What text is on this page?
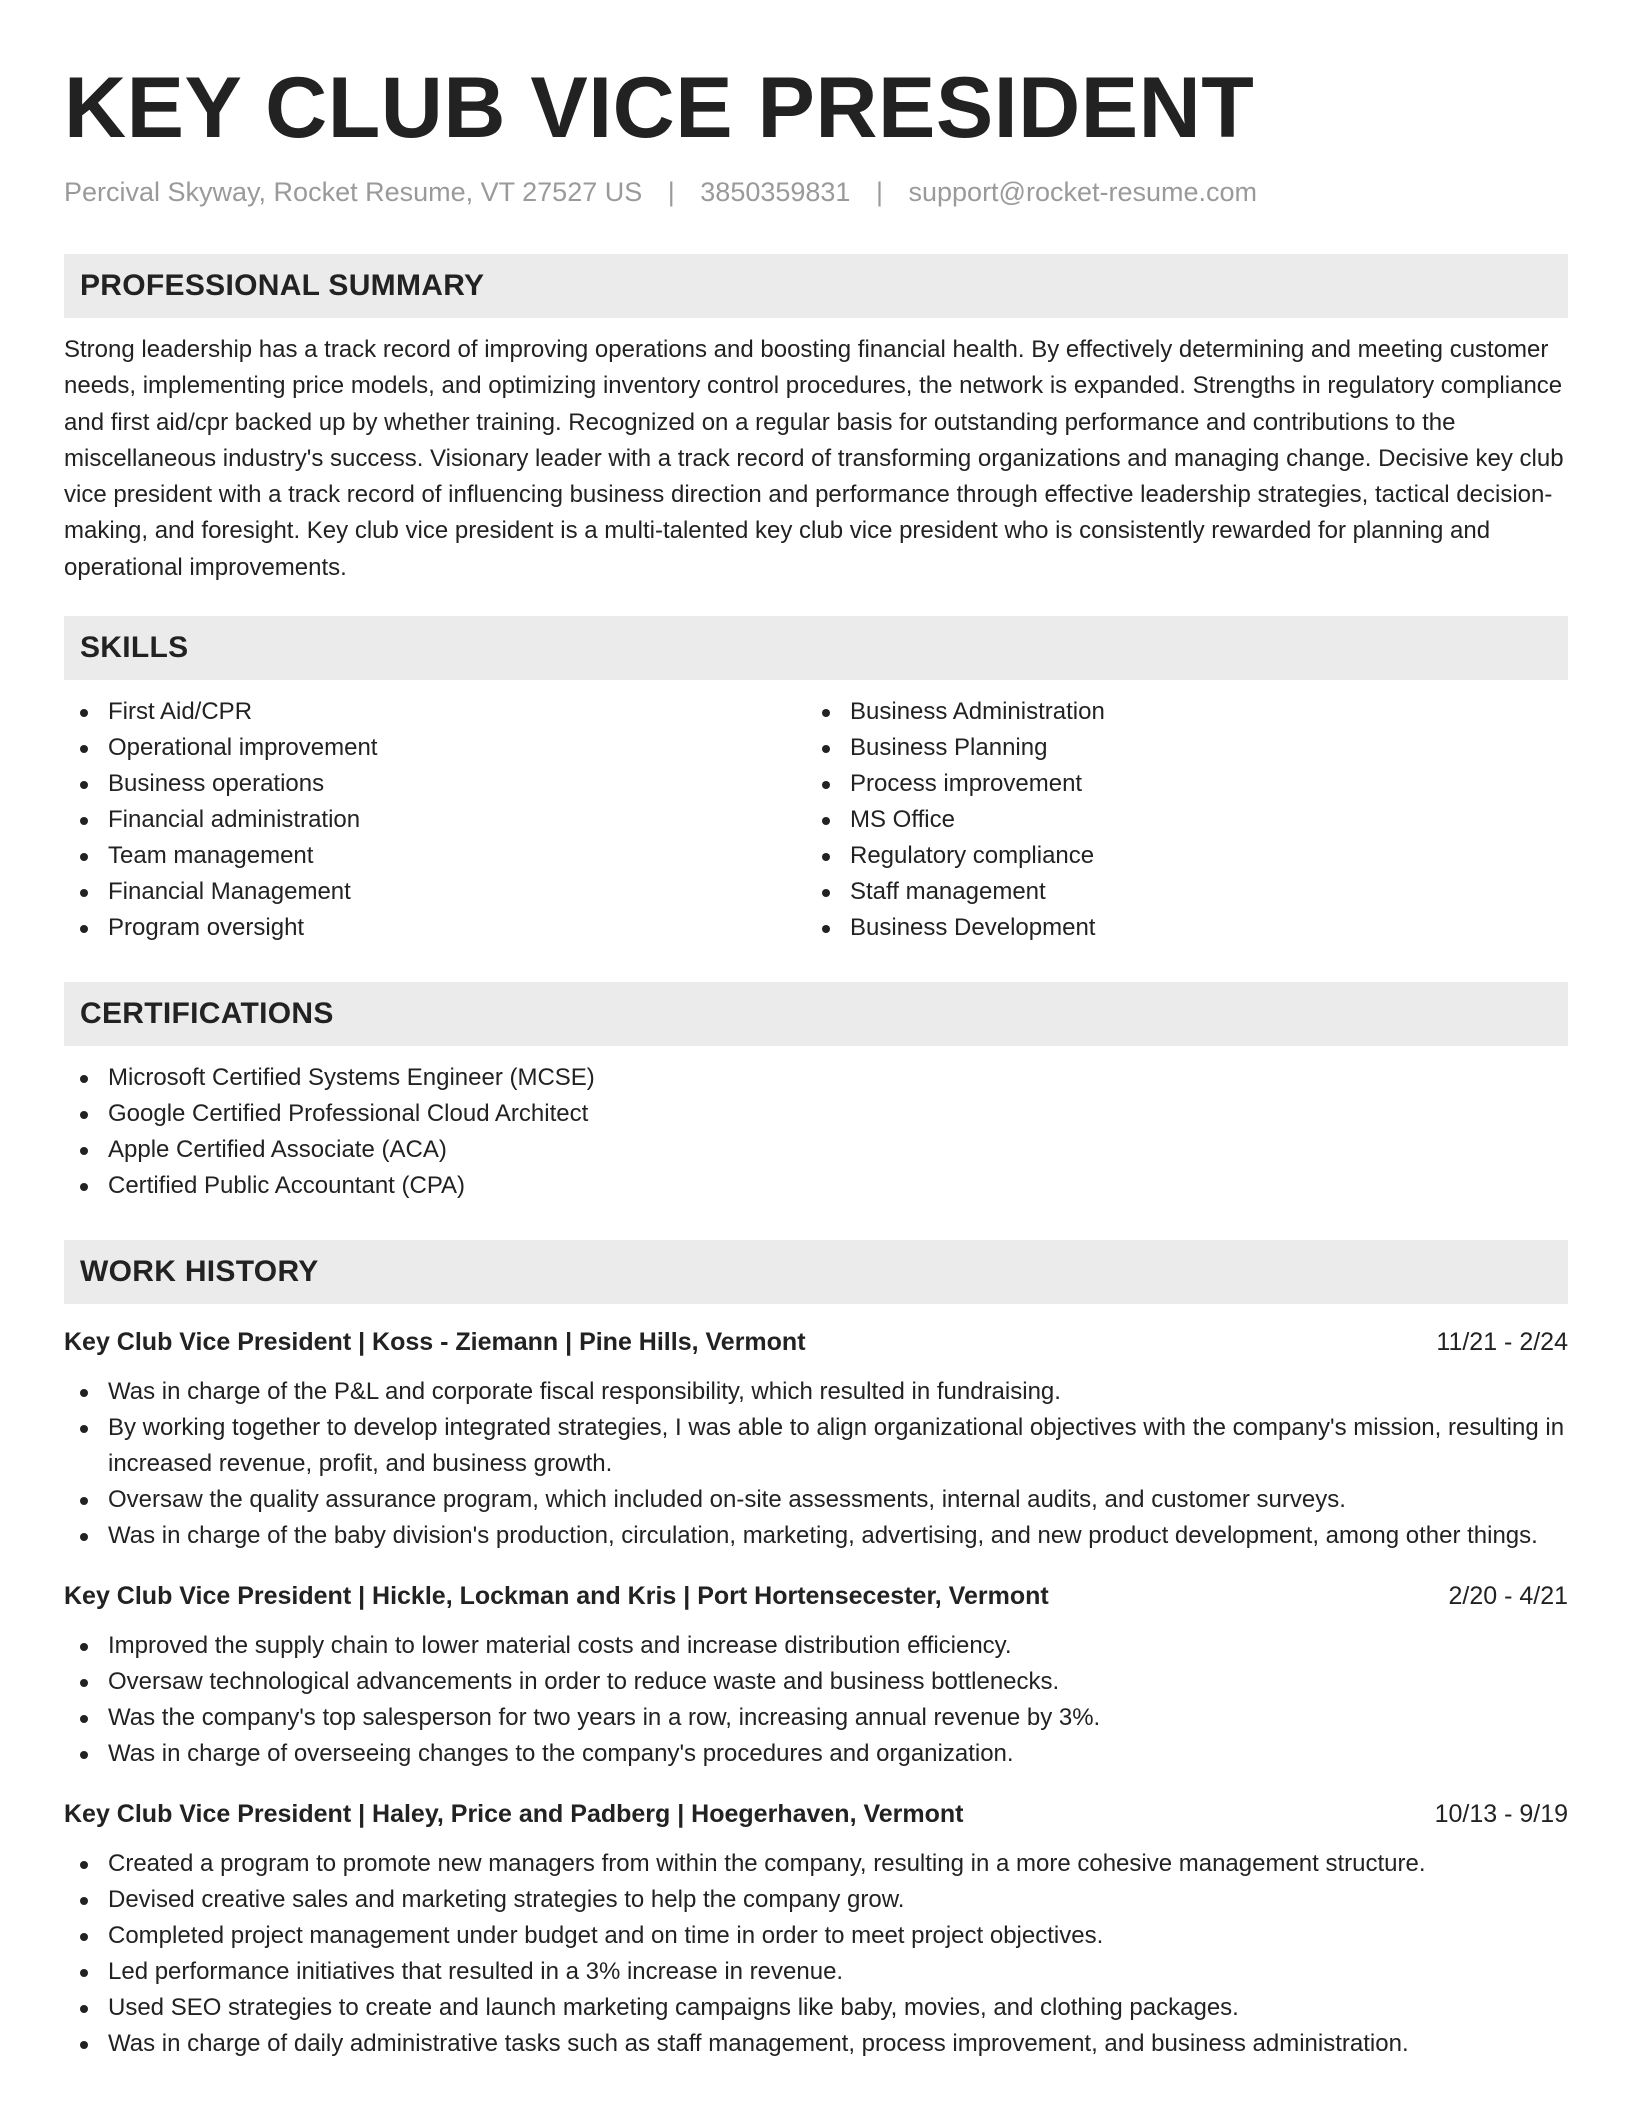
KEY CLUB VICE PRESIDENT
Percival Skyway, Rocket Resume, VT 27527 US | 3850359831 | support@rocket-resume.com
PROFESSIONAL SUMMARY

Strong leadership has a track record of improving operations and boosting financial health. By effectively determining and meeting customer needs, implementing price models, and optimizing inventory control procedures, the network is expanded. Strengths in regulatory compliance and first aid/cpr backed up by whether training. Recognized on a regular basis for outstanding performance and contributions to the miscellaneous industry's success. Visionary leader with a track record of transforming organizations and managing change. Decisive key club vice president with a track record of influencing business direction and performance through effective leadership strategies, tactical decision-making, and foresight. Key club vice president is a multi-talented key club vice president who is consistently rewarded for planning and operational improvements.

SKILLS
First Aid/CPR
Operational improvement
Business operations
Financial administration
Team management
Financial Management
Program oversight
Business Administration
Business Planning
Process improvement
MS Office
Regulatory compliance
Staff management
Business Development
CERTIFICATIONS
Microsoft Certified Systems Engineer (MCSE)
Google Certified Professional Cloud Architect
Apple Certified Associate (ACA)
Certified Public Accountant (CPA)
WORK HISTORY
Key Club Vice President | Koss - Ziemann | Pine Hills, Vermont	11/21 - 2/24
Was in charge of the P&L and corporate fiscal responsibility, which resulted in fundraising.
By working together to develop integrated strategies, I was able to align organizational objectives with the company's mission, resulting in increased revenue, profit, and business growth.
Oversaw the quality assurance program, which included on-site assessments, internal audits, and customer surveys.
Was in charge of the baby division's production, circulation, marketing, advertising, and new product development, among other things.
Key Club Vice President | Hickle, Lockman and Kris | Port Hortensecester, Vermont	2/20 - 4/21
Improved the supply chain to lower material costs and increase distribution efficiency.
Oversaw technological advancements in order to reduce waste and business bottlenecks.
Was the company's top salesperson for two years in a row, increasing annual revenue by 3%.
Was in charge of overseeing changes to the company's procedures and organization.
Key Club Vice President | Haley, Price and Padberg | Hoegerhaven, Vermont	10/13 - 9/19
Created a program to promote new managers from within the company, resulting in a more cohesive management structure.
Devised creative sales and marketing strategies to help the company grow.
Completed project management under budget and on time in order to meet project objectives.
Led performance initiatives that resulted in a 3% increase in revenue.
Used SEO strategies to create and launch marketing campaigns like baby, movies, and clothing packages.
Was in charge of daily administrative tasks such as staff management, process improvement, and business administration.
